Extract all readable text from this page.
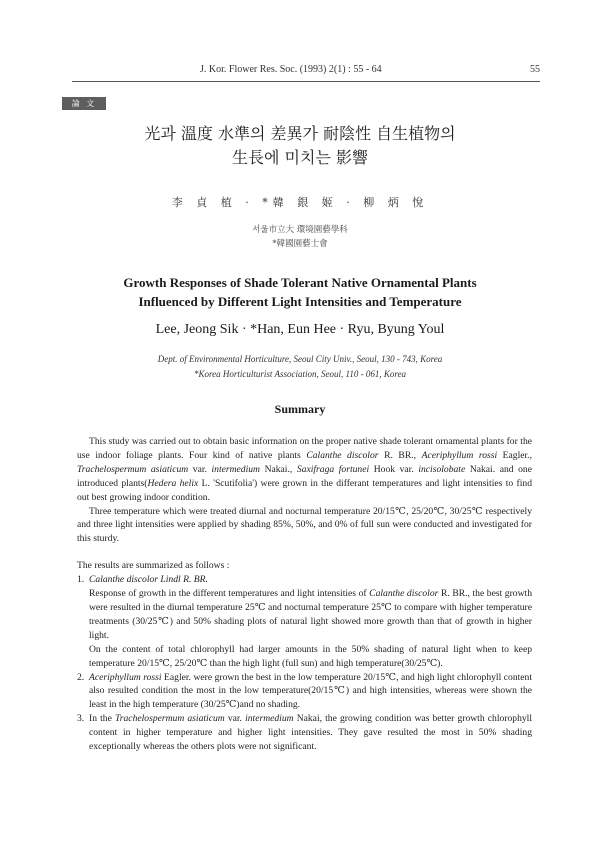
J. Kor. Flower Res. Soc. (1993) 2(1) : 55 - 64	55
論 文
光과 溫度 水準의 差異가 耐陰性 自生植物의
生長에 미치는 影響
李 貞 植 · *韓 銀 姬 · 柳 炳 悅
서울市立大 環境園藝學科
*韓國園藝士會
Growth Responses of Shade Tolerant Native Ornamental Plants
Influenced by Different Light Intensities and Temperature
Lee, Jeong Sik · *Han, Eun Hee · Ryu, Byung Youl
Dept. of Environmental Horticulture, Seoul City Univ., Seoul, 130 - 743, Korea
*Korea Horticulturist Association, Seoul, 110 - 061, Korea
Summary

This study was carried out to obtain basic information on the proper native shade tolerant ornamental plants for the use indoor foliage plants. Four kind of native plants Calanthe discolor R. BR., Aceriphyllum rossi Eagler., Trachelospermum asiaticum var. intermedium Nakai., Saxifraga fortunei Hook var. incisolobate Nakai. and one introduced plants(Hedera helix L. 'Scutifolia') were grown in the differant temperatures and light intensities to find out best growing indoor condition.

Three temperature which were treated diurnal and nocturnal temperature 20/15℃, 25/20℃, 30/25℃ respectively and three light intensities were applied by shading 85%, 50%, and 0% of full sun were conducted and investigated for this sturdy.

The results are summarized as follows :

1. Calanthe discolor Lindl R. BR.

Response of growth in the different temperatures and light intensities of Calanthe discolor R. BR., the best growth were resulted in the diurnal temperature 25℃ and nocturnal temperature 25℃ to compare with higher temperature treatments (30/25℃) and 50% shading plots of natural light showed more growth than that of growth in higher light.

On the content of total chlorophyll had larger amounts in the 50% shading of natural light when to keep temperature 20/15℃, 25/20℃ than the high light (full sun) and high temperature(30/25℃).

2. Aceriphyllum rossi Eagler. were grown the best in the low temperature 20/15℃, and high light chlorophyll content also resulted condition the most in the low temperature(20/15℃) and high intensities, whereas were shown the least in the high temperature (30/25℃)and no shading.

3. In the Trachelospermum asiaticum var. intermedium Nakai, the growing condition was better growth chlorophyll content in higher temperature and higher light intensities. They gave resulted the most in 50% shading exceptionally whereas the others plots were not significant.
